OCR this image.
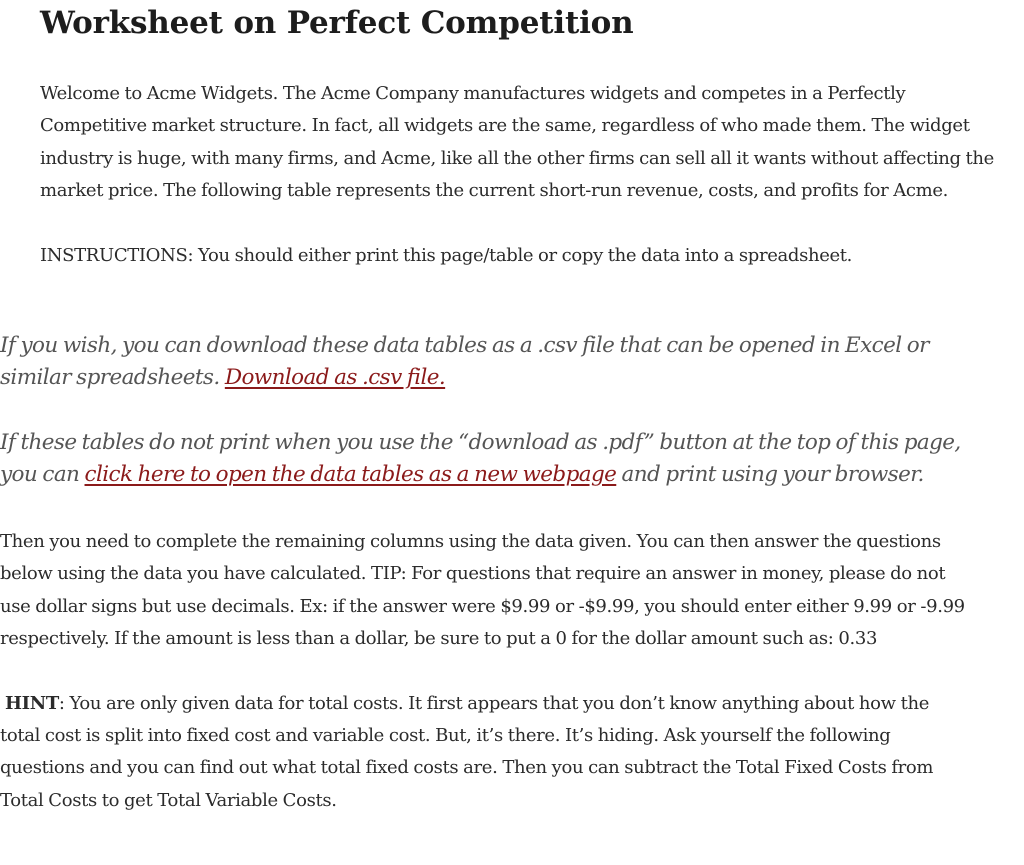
Worksheet on Perfect Competition

Welcome to Acme Widgets. The Acme Company manufactures widgets and competes in a Perfectly Competitive market structure. In fact, all widgets are the same, regardless of who made them. The widget industry is huge, with many firms, and Acme, like all the other firms can sell all it wants without affecting the market price. The following table represents the current short-run revenue, costs, and profits for Acme.

INSTRUCTIONS: You should either print this page/table or copy the data into a spreadsheet.

If you wish, you can download these data tables as a .csv file that can be opened in Excel or similar spreadsheets. Download as .csv file.

If these tables do not print when you use the “download as .pdf” button at the top of this page, you can click here to open the data tables as a new webpage and print using your browser.

Then you need to complete the remaining columns using the data given. You can then answer the questions below using the data you have calculated. TIP: For questions that require an answer in money, please do not use dollar signs but use decimals. Ex: if the answer were $9.99 or -$9.99, you should enter either 9.99 or -9.99 respectively. If the amount is less than a dollar, be sure to put a 0 for the dollar amount such as: 0.33

HINT: You are only given data for total costs. It first appears that you don’t know anything about how the total cost is split into fixed cost and variable cost. But, it’s there. It’s hiding. Ask yourself the following questions and you can find out what total fixed costs are. Then you can subtract the Total Fixed Costs from Total Costs to get Total Variable Costs.
